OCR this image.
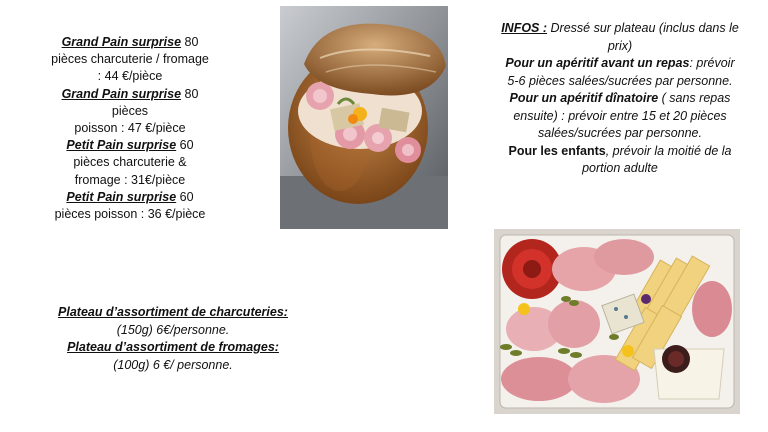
Grand Pain surprise 80
pièces charcuterie / fromage
: 44 €/pièce
Grand Pain surprise 80
pièces
poisson : 47 €/pièce
Petit Pain surprise 60
pièces charcuterie &
fromage : 31€/pièce
Petit Pain surprise 60
pièces poisson : 36 €/pièce
Plateau d’assortiment de charcuteries:
(150g) 6€/personne.
Plateau d’assortiment de fromages:
(100g) 6 €/ personne.
INFOS : Dressé sur plateau (inclus dans le prix)
Pour un apéritif avant un repas: prévoir 5-6 pièces salées/sucrées par personne.
Pour un apéritif dînatoire ( sans repas ensuite) : prévoir entre 15 et 20 pièces salées/sucrées par personne.
Pour les enfants, prévoir la moitié de la portion adulte
